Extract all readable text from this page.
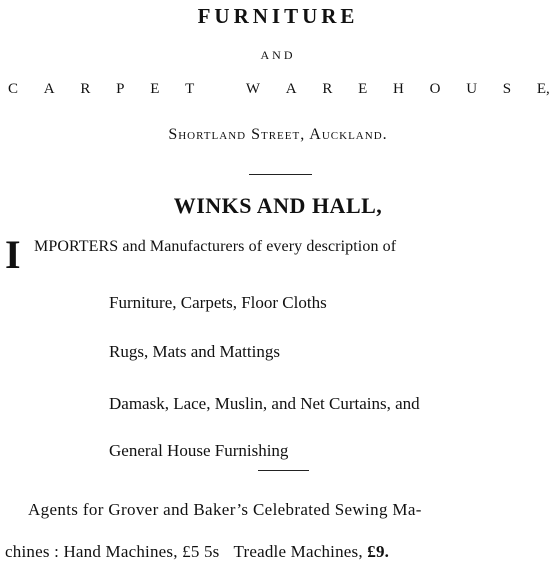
FURNITURE
AND
C A R P E T	W A R E H O U S E,
Shortland Street, Auckland.
WINKS AND HALL,
I MPORTERS and Manufacturers of every description of
Furniture, Carpets, Floor Cloths
Rugs, Mats and Mattings
Damask, Lace, Muslin, and Net Curtains, and
General House Furnishing
Agents for Grover and Baker’s Celebrated Sewing Ma-
chines : Hand Machines, £5 5s Treadle Machines, £9.
